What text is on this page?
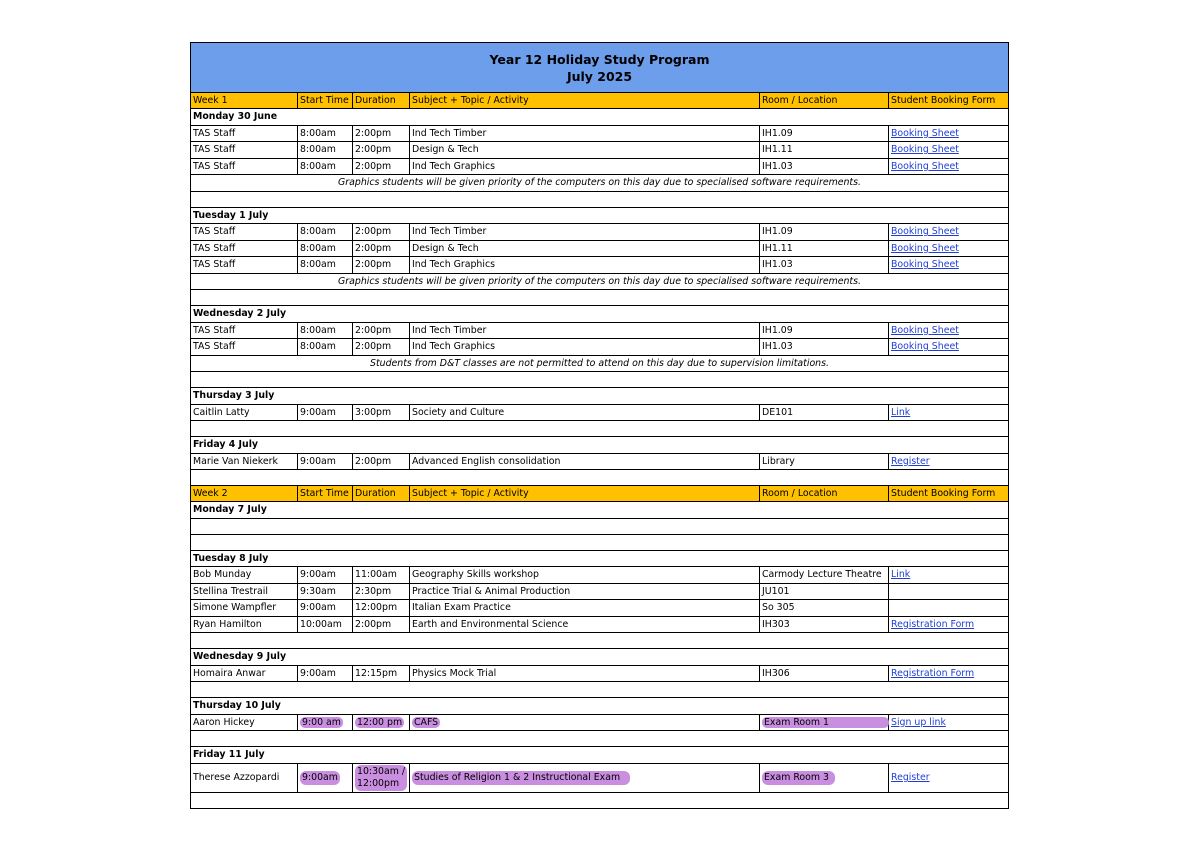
Year 12 Holiday Study Program
July 2025					

Week 1	Start Time	Duration	Subject + Topic / Activity	Room / Location	Student Booking Form
Monday 30 June					
TAS Staff	8:00am	2:00pm	Ind Tech Timber	IH1.09	Booking Sheet
TAS Staff	8:00am	2:00pm	Design & Tech	IH1.11	Booking Sheet
TAS Staff	8:00am	2:00pm	Ind Tech Graphics	IH1.03	Booking Sheet
Graphics students will be given priority of the computers on this day due to specialised software requirements.					

Tuesday 1 July					
TAS Staff	8:00am	2:00pm	Ind Tech Timber	IH1.09	Booking Sheet
TAS Staff	8:00am	2:00pm	Design & Tech	IH1.11	Booking Sheet
TAS Staff	8:00am	2:00pm	Ind Tech Graphics	IH1.03	Booking Sheet
Graphics students will be given priority of the computers on this day due to specialised software requirements.					

Wednesday 2 July					
TAS Staff	8:00am	2:00pm	Ind Tech Timber	IH1.09	Booking Sheet
TAS Staff	8:00am	2:00pm	Ind Tech Graphics	IH1.03	Booking Sheet
Students from D&T classes are not permitted to attend on this day due to supervision limitations.					

Thursday 3 July					
Caitlin Latty	9:00am	3:00pm	Society and Culture	DE101	Link

Friday 4 July					
Marie Van Niekerk	9:00am	2:00pm	Advanced English consolidation	Library	Register

Week 2	Start Time	Duration	Subject + Topic / Activity	Room / Location	Student Booking Form
Monday 7 July					

Tuesday 8 July					
Bob Munday	9:00am	11:00am	Geography Skills workshop	Carmody Lecture Theatre	Link
Stellina Trestrail	9:30am	2:30pm	Practice Trial & Animal Production	JU101	
Simone Wampfler	9:00am	12:00pm	Italian Exam Practice	So 305	
Ryan Hamilton	10:00am	2:00pm	Earth and Environmental Science	IH303	Registration Form

Wednesday 9 July					
Homaira Anwar	9:00am	12:15pm	Physics Mock Trial	IH306	Registration Form

Thursday 10 July					
Aaron Hickey	9:00 am	12:00 pm	CAFS	Exam Room 1	Sign up link

Friday 11 July					
Therese Azzopardi	9:00am	10:30am /
12:00pm	Studies of Religion 1 & 2 Instructional Exam	Exam Room 3	Register
